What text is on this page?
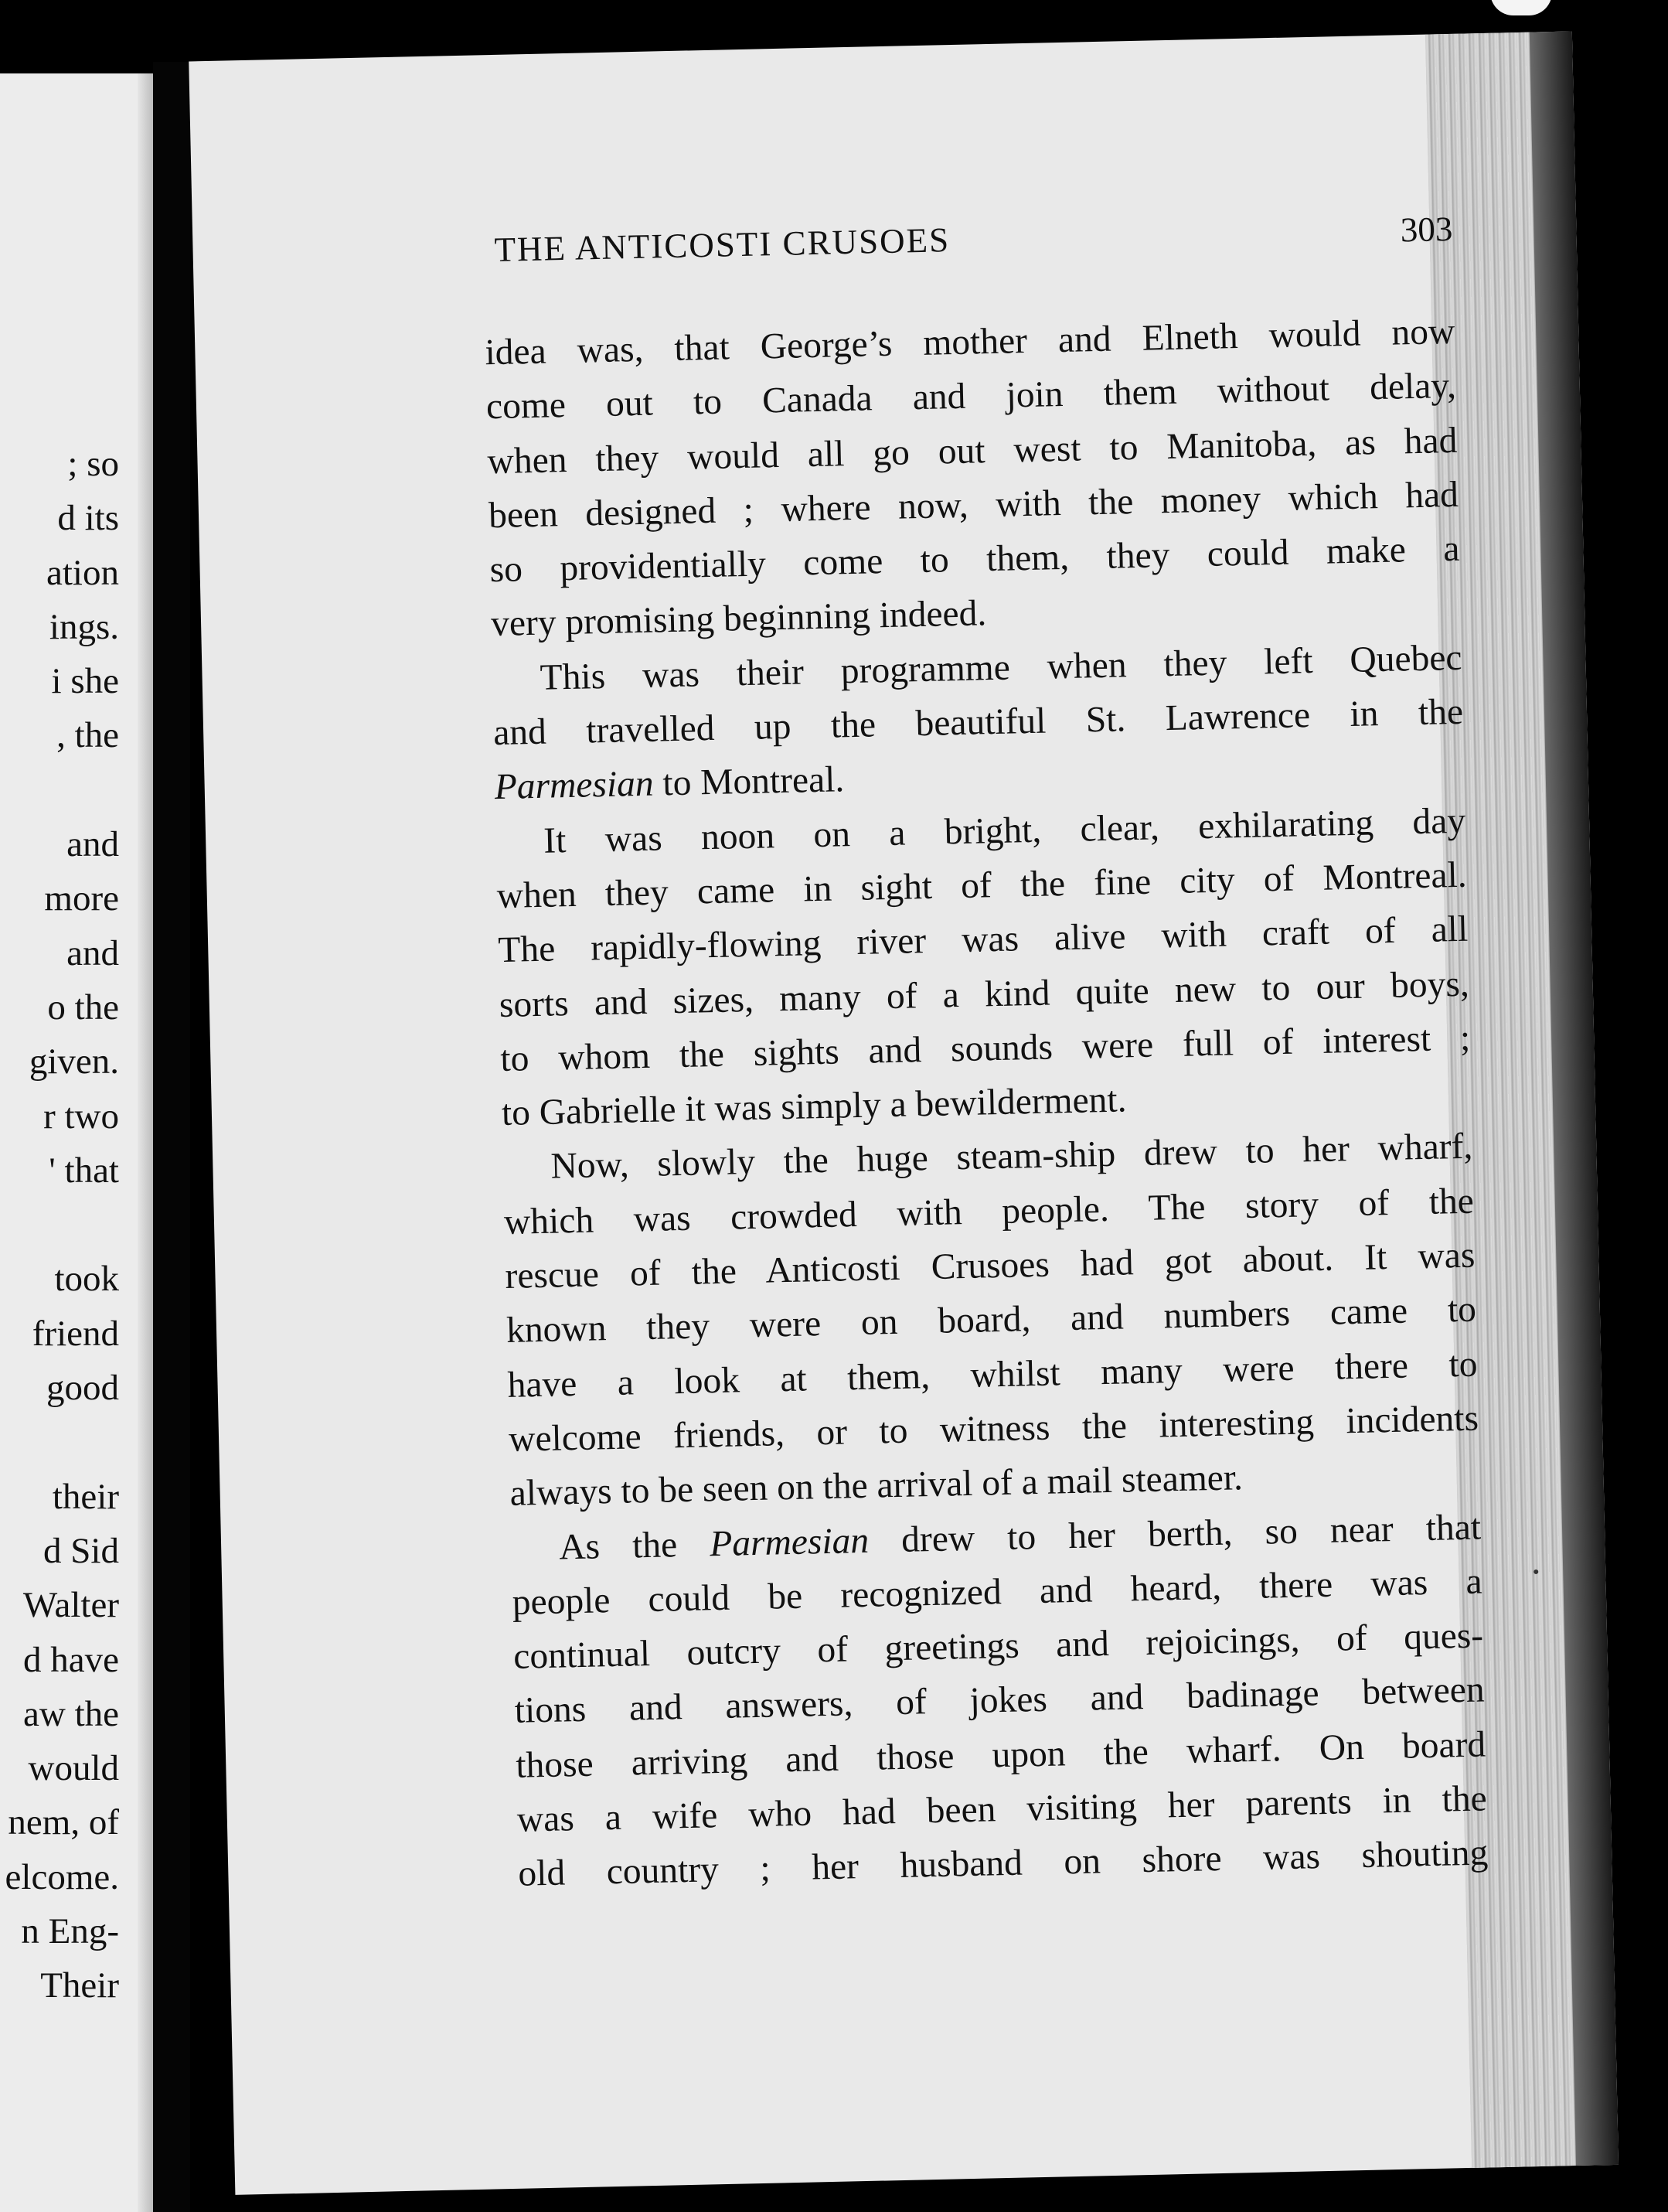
; so
d its
ation
ings.
i she
, the

and
more
and
o the
given.
r two
' that

took
friend
good

their
d Sid
Walter
d have
aw the
would
nem, of
elcome.
n Eng-
Their
THE ANTICOSTI CRUSOES	303
idea was, that George’s mother and Elneth would now
come out to Canada and join them without delay,
when they would all go out west to Manitoba, as had
been designed ; where now, with the money which had
so providentially come to them, they could make a
very promising beginning indeed.
This was their programme when they left Quebec
and travelled up the beautiful St. Lawrence in the
Parmesian to Montreal.
It was noon on a bright, clear, exhilarating day
when they came in sight of the fine city of Montreal.
The rapidly-flowing river was alive with craft of all
sorts and sizes, many of a kind quite new to our boys,
to whom the sights and sounds were full of interest ;
to Gabrielle it was simply a bewilderment.
Now, slowly the huge steam-ship drew to her wharf,
which was crowded with people. The story of the
rescue of the Anticosti Crusoes had got about. It was
known they were on board, and numbers came to
have a look at them, whilst many were there to
welcome friends, or to witness the interesting incidents
always to be seen on the arrival of a mail steamer.
As the Parmesian drew to her berth, so near that
people could be recognized and heard, there was a
continual outcry of greetings and rejoicings, of ques-
tions and answers, of jokes and badinage between
those arriving and those upon the wharf. On board
was a wife who had been visiting her parents in the
old country ; her husband on shore was shouting
